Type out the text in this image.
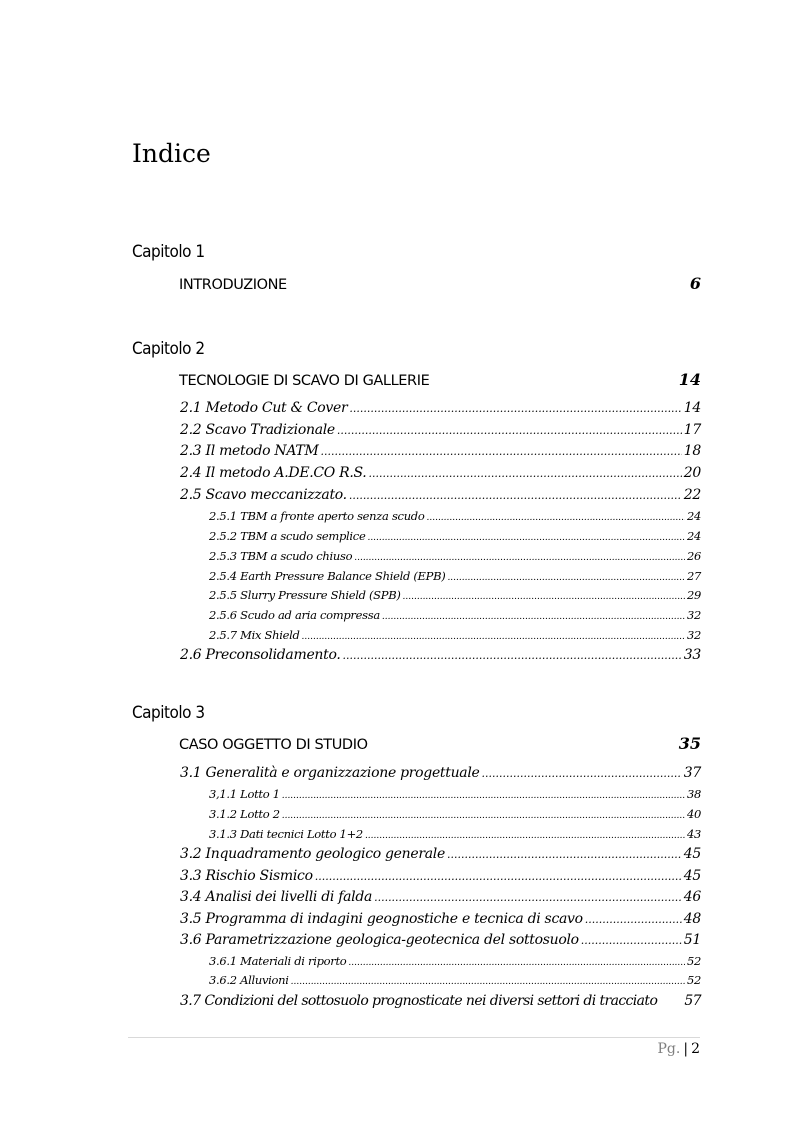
Indice
Capitolo 1
INTRODUZIONE	6
Capitolo 2
TECNOLOGIE DI SCAVO DI GALLERIE	14
2.1 Metodo Cut & Cover .....	14
2.2 Scavo Tradizionale .....	17
2.3 Il metodo NATM .....	18
2.4 Il metodo A.DE.CO R.S. .....	20
2.5 Scavo meccanizzato. .....	22
2.5.1 TBM a fronte aperto senza scudo .....	24
2.5.2 TBM a scudo semplice .....	24
2.5.3 TBM a scudo chiuso .....	26
2.5.4 Earth Pressure Balance Shield (EPB) .....	27
2.5.5 Slurry Pressure Shield (SPB) .....	29
2.5.6 Scudo ad aria compressa .....	32
2.5.7 Mix Shield .....	32
2.6 Preconsolidamento. .....	33
Capitolo 3
CASO OGGETTO DI STUDIO	35
3.1 Generalità e organizzazione progettuale .....	37
3,1.1 Lotto 1 .....	38
3.1.2 Lotto 2 .....	40
3.1.3 Dati tecnici Lotto 1+2 .....	43
3.2 Inquadramento geologico generale .....	45
3.3 Rischio Sismico .....	45
3.4 Analisi dei livelli di falda .....	46
3.5 Programma di indagini geognostiche e tecnica di scavo .....	48
3.6 Parametrizzazione geologica-geotecnica del sottosuolo .....	51
3.6.1 Materiali di riporto .....	52
3.6.2 Alluvioni .....	52
3.7 Condizioni del sottosuolo prognosticate nei diversi settori di tracciato 57
Pg. | 2
